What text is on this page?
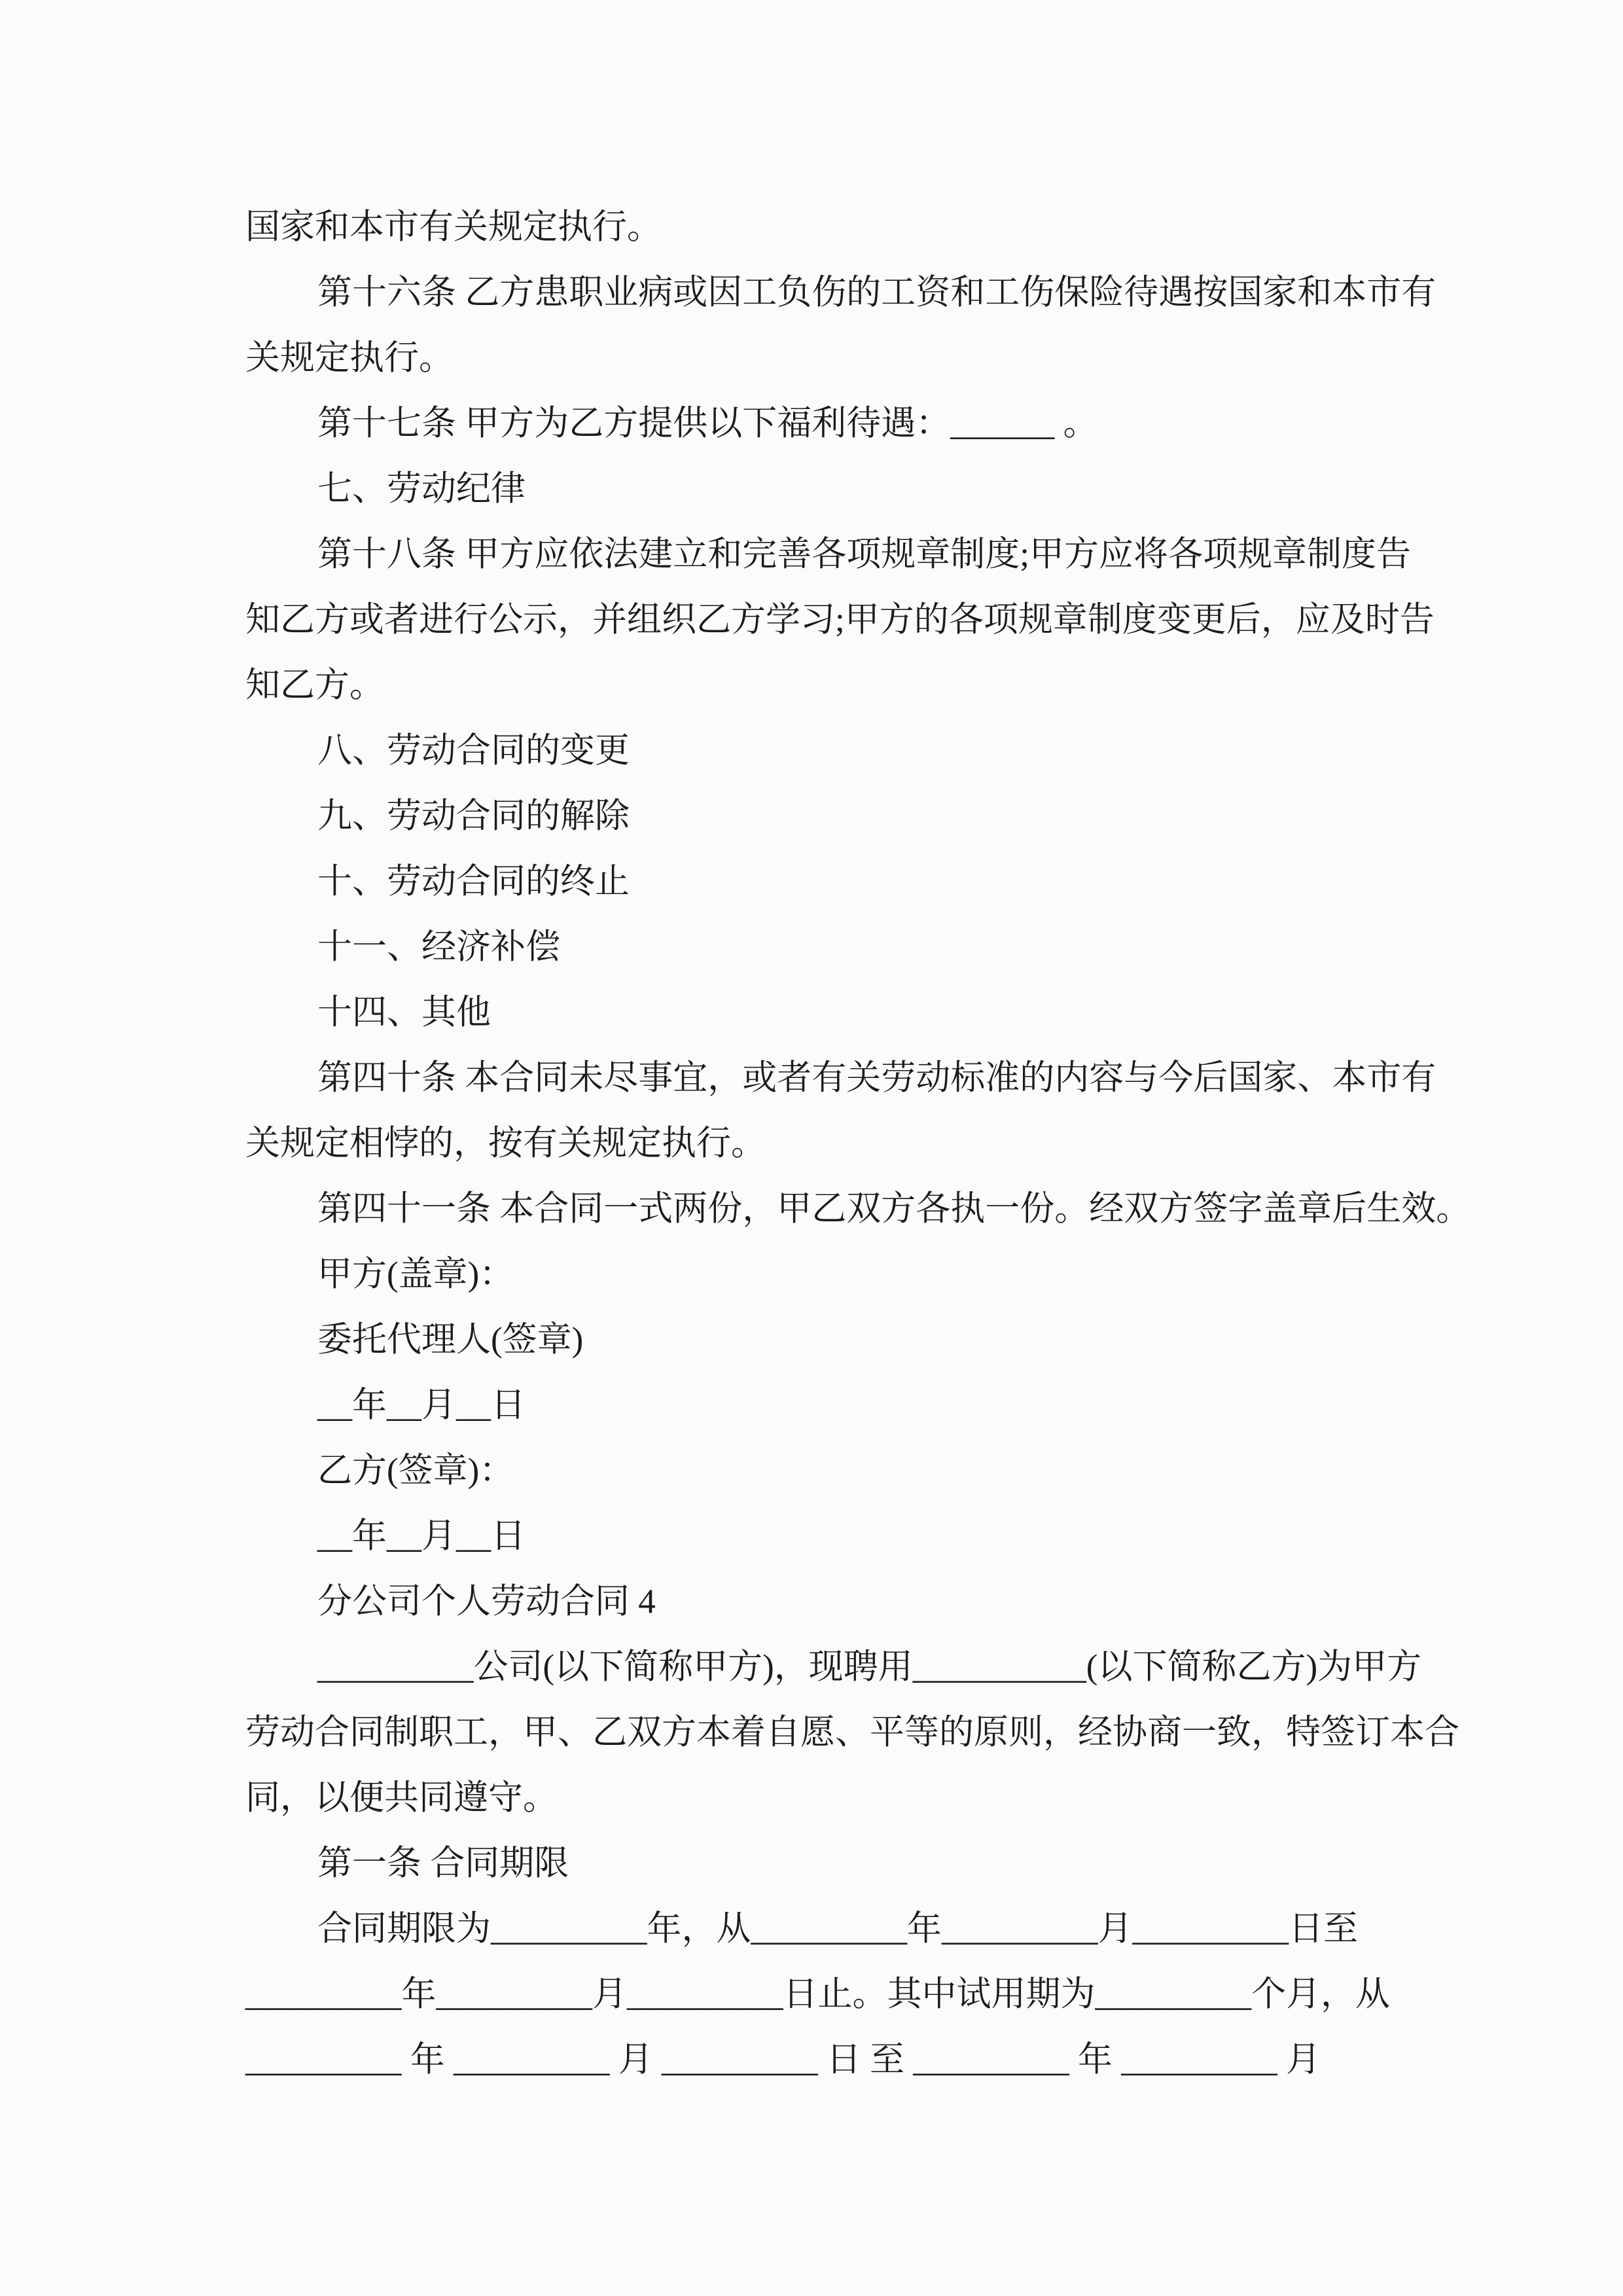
国家和本市有关规定执行。
第十六条 乙方患职业病或因工负伤的工资和工伤保险待遇按国家和本市有
关规定执行。
第十七条 甲方为乙方提供以下福利待遇：______ 。
七、劳动纪律
第十八条 甲方应依法建立和完善各项规章制度;甲方应将各项规章制度告
知乙方或者进行公示，并组织乙方学习;甲方的各项规章制度变更后，应及时告
知乙方。
八、劳动合同的变更
九、劳动合同的解除
十、劳动合同的终止
十一、经济补偿
十四、其他
第四十条 本合同未尽事宜，或者有关劳动标准的内容与今后国家、本市有
关规定相悖的，按有关规定执行。
第四十一条 本合同一式两份，甲乙双方各执一份。经双方签字盖章后生效。
甲方(盖章)：
委托代理人(签章)
__年__月__日
乙方(签章)：
__年__月__日
分公司个人劳动合同 4
_________公司(以下简称甲方)，现聘用__________(以下简称乙方)为甲方
劳动合同制职工，甲、乙双方本着自愿、平等的原则，经协商一致，特签订本合
同，以便共同遵守。
第一条 合同期限
合同期限为_________年，从_________年_________月_________日至
_________年_________月_________日止。其中试用期为_________个月，从
_________ 年 _________ 月 _________ 日 至 _________ 年 _________ 月
